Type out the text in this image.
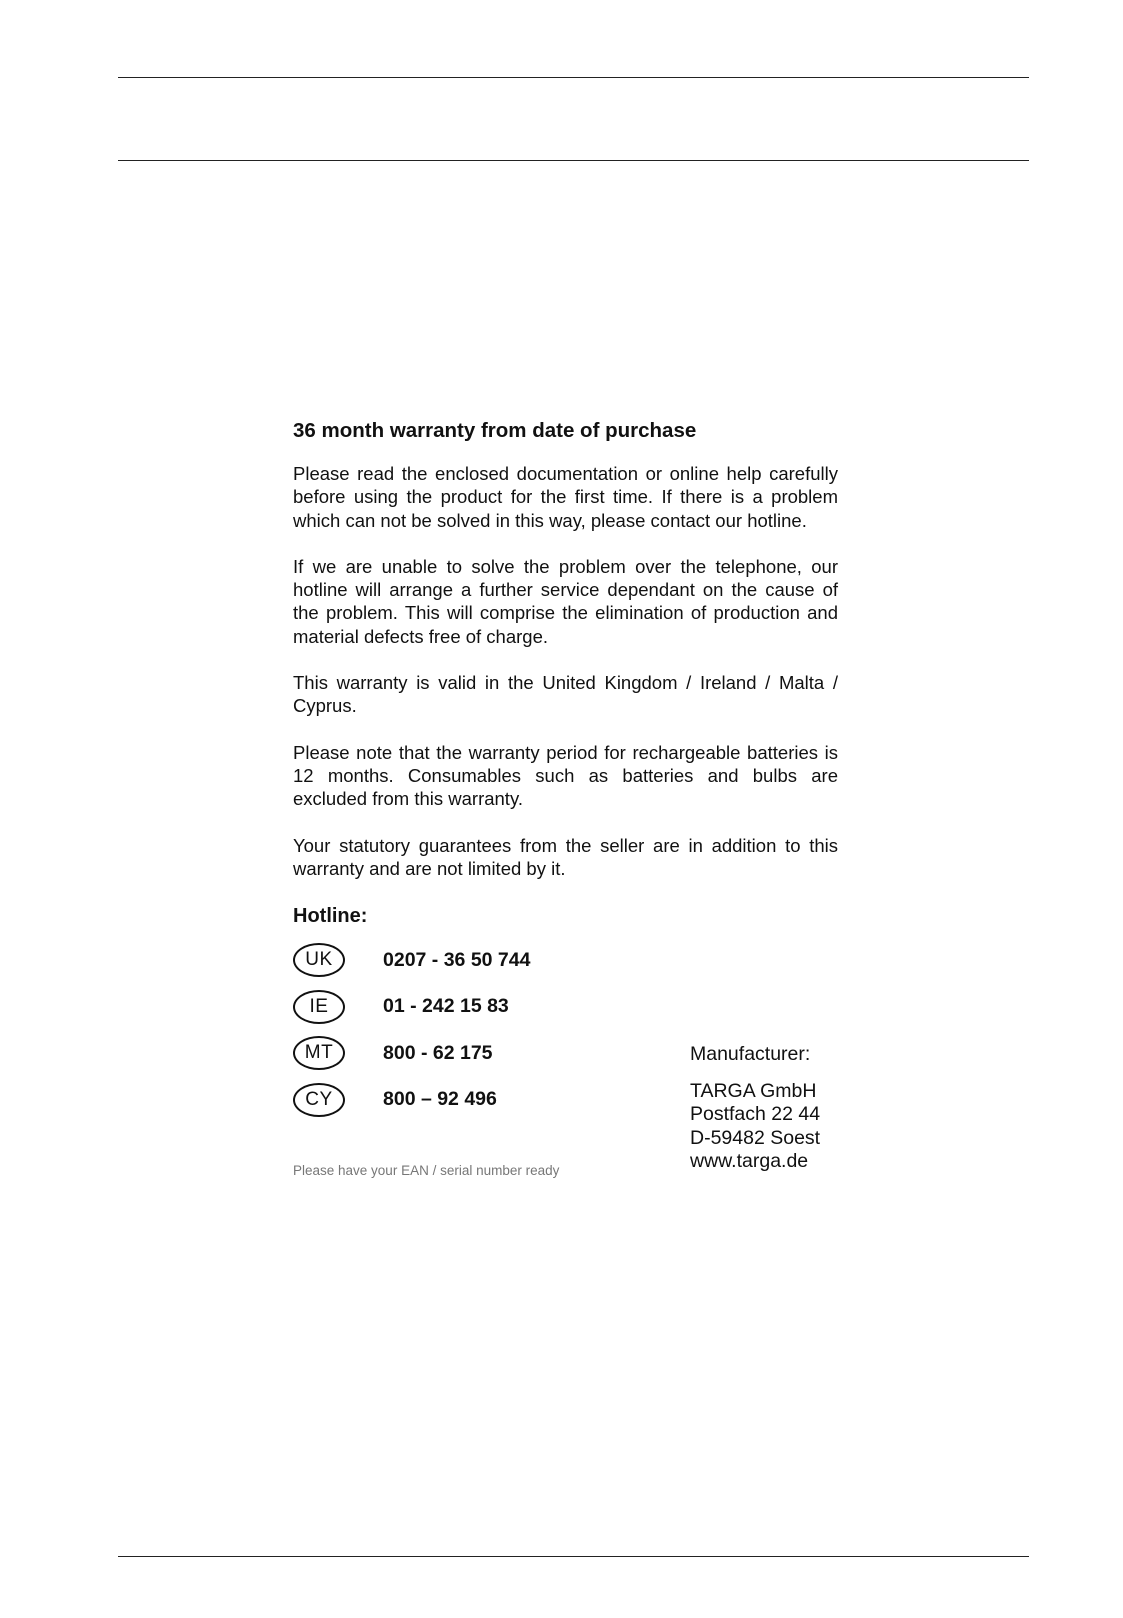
36 month warranty from date of purchase

Please read the enclosed documentation or online help carefully before using the product for the first time. If there is a problem which can not be solved in this way, please contact our hotline.

If we are unable to solve the problem over the telephone, our hotline will arrange a further service dependant on the cause of the problem. This will comprise the elimination of production and material defects free of charge.

This warranty is valid in the United Kingdom / Ireland / Malta / Cyprus.

Please note that the warranty period for rechargeable batteries is 12 months. Consumables such as batteries and bulbs are excluded from this warranty.

Your statutory guarantees from the seller are in addition to this warranty and are not limited by it.

Hotline:
UK	0207 - 36 50 744
IE	01 - 242 15 83
MT	800 - 62 175
CY	800 – 92 496
Manufacturer:
TARGA GmbH
Postfach 22 44
D-59482 Soest
www.targa.de
Please have your EAN / serial number ready
